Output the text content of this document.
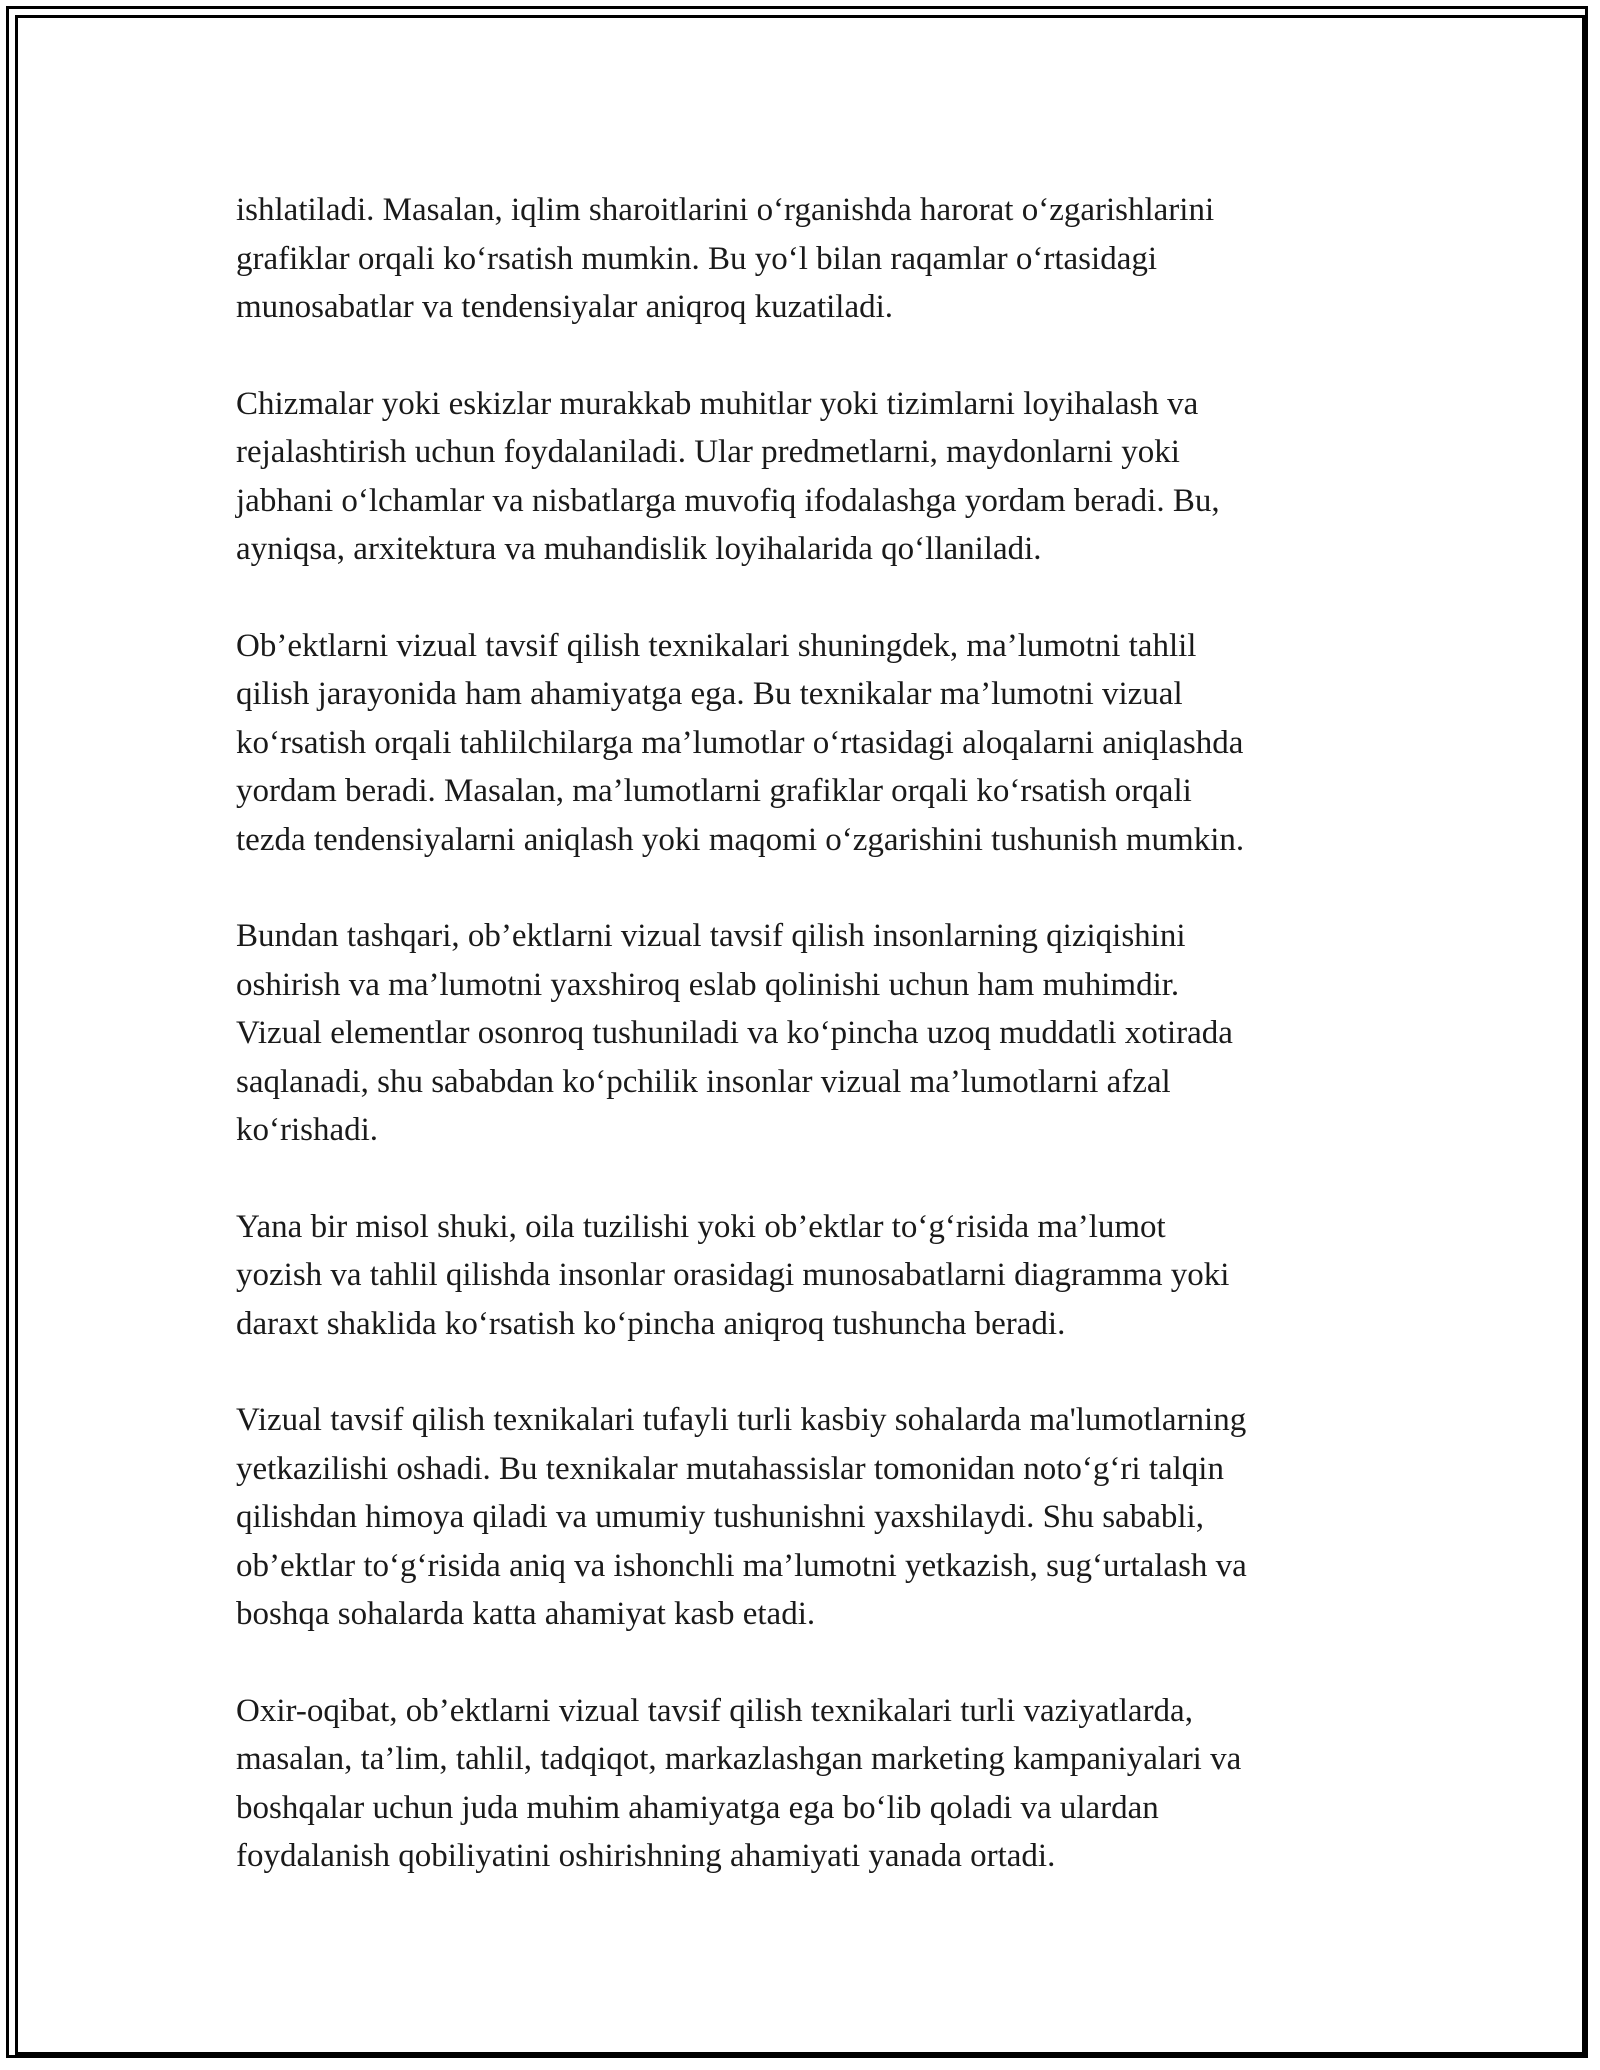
ishlatiladi. Masalan, iqlim sharoitlarini o‘rganishda harorat o‘zgarishlarini
grafiklar orqali ko‘rsatish mumkin. Bu yo‘l bilan raqamlar o‘rtasidagi
munosabatlar va tendensiyalar aniqroq kuzatiladi.

Chizmalar yoki eskizlar murakkab muhitlar yoki tizimlarni loyihalash va
rejalashtirish uchun foydalaniladi. Ular predmetlarni, maydonlarni yoki
jabhani o‘lchamlar va nisbatlarga muvofiq ifodalashga yordam beradi. Bu,
ayniqsa, arxitektura va muhandislik loyihalarida qo‘llaniladi.

Ob’ektlarni vizual tavsif qilish texnikalari shuningdek, ma’lumotni tahlil
qilish jarayonida ham ahamiyatga ega. Bu texnikalar ma’lumotni vizual
ko‘rsatish orqali tahlilchilarga ma’lumotlar o‘rtasidagi aloqalarni aniqlashda
yordam beradi. Masalan, ma’lumotlarni grafiklar orqali ko‘rsatish orqali
tezda tendensiyalarni aniqlash yoki maqomi o‘zgarishini tushunish mumkin.

Bundan tashqari, ob’ektlarni vizual tavsif qilish insonlarning qiziqishini
oshirish va ma’lumotni yaxshiroq eslab qolinishi uchun ham muhimdir.
Vizual elementlar osonroq tushuniladi va ko‘pincha uzoq muddatli xotirada
saqlanadi, shu sababdan ko‘pchilik insonlar vizual ma’lumotlarni afzal
ko‘rishadi.

Yana bir misol shuki, oila tuzilishi yoki ob’ektlar to‘g‘risida ma’lumot
yozish va tahlil qilishda insonlar orasidagi munosabatlarni diagramma yoki
daraxt shaklida ko‘rsatish ko‘pincha aniqroq tushuncha beradi.

Vizual tavsif qilish texnikalari tufayli turli kasbiy sohalarda ma'lumotlarning
yetkazilishi oshadi. Bu texnikalar mutahassislar tomonidan noto‘g‘ri talqin
qilishdan himoya qiladi va umumiy tushunishni yaxshilaydi. Shu sababli,
ob’ektlar to‘g‘risida aniq va ishonchli ma’lumotni yetkazish, sug‘urtalash va
boshqa sohalarda katta ahamiyat kasb etadi.

Oxir-oqibat, ob’ektlarni vizual tavsif qilish texnikalari turli vaziyatlarda,
masalan, ta’lim, tahlil, tadqiqot, markazlashgan marketing kampaniyalari va
boshqalar uchun juda muhim ahamiyatga ega bo‘lib qoladi va ulardan
foydalanish qobiliyatini oshirishning ahamiyati yanada ortadi.
